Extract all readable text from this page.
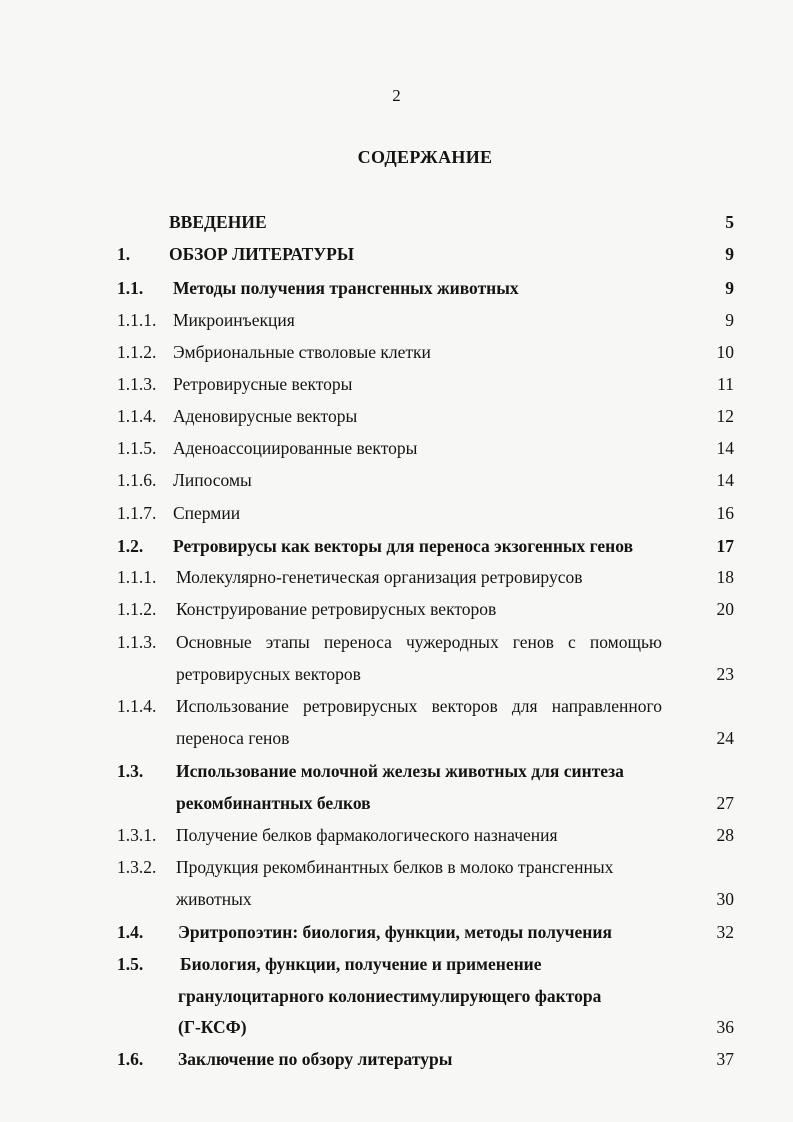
2
СОДЕРЖАНИЕ
ВВЕДЕНИЕ	5
1. ОБЗОР ЛИТЕРАТУРЫ	9
1.1. Методы получения трансгенных животных	9
1.1.1. Микроинъекция	9
1.1.2. Эмбриональные стволовые клетки	10
1.1.3. Ретровирусные векторы	11
1.1.4. Аденовирусные векторы	12
1.1.5. Аденоассоциированные векторы	14
1.1.6. Липосомы	14
1.1.7. Спермии	16
1.2. Ретровирусы как векторы для переноса экзогенных генов	17
1.1.1. Молекулярно-генетическая организация ретровирусов	18
1.1.2. Конструирование ретровирусных векторов	20
1.1.3. Основные этапы переноса чужеродных генов с помощью
ретровирусных векторов	23
1.1.4. Использование ретровирусных векторов для направленного
переноса генов	24
1.3. Использование молочной железы животных для синтеза
рекомбинантных белков	27
1.3.1. Получение белков фармакологического назначения	28
1.3.2. Продукция рекомбинантных белков в молоко трансгенных
животных	30
1.4. Эритропоэтин: биология, функции, методы получения	32
1.5. Биология, функции, получение и применение
гранулоцитарного колониестимулирующего фактора
(Г-КСФ)	36
1.6. Заключение по обзору литературы	37
